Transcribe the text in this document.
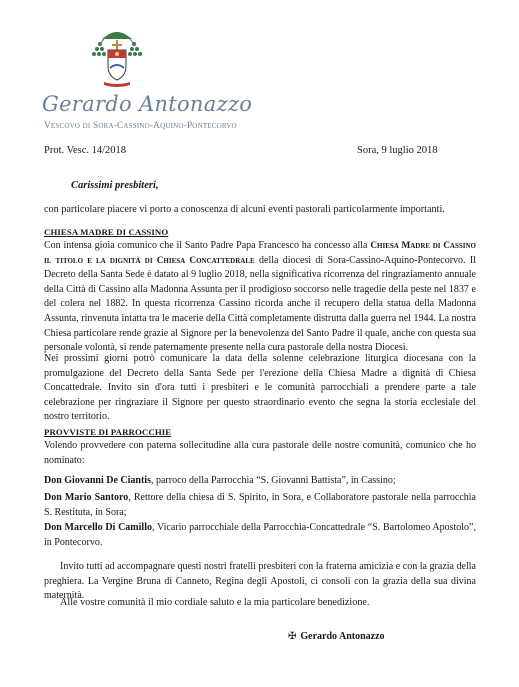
Gerardo Antonazzo
Vescovo di Sora-Cassino-Aquino-Pontecorvo
Prot. Vesc. 14/2018	Sora, 9 luglio 2018
Carissimi presbiteri,
con particolare piacere vi porto a conoscenza di alcuni eventi pastorali particolarmente importanti.
CHIESA MADRE DI CASSINO

Con intensa gioia comunico che il Santo Padre Papa Francesco ha concesso alla Chiesa Madre di Cassino il titolo e la dignità di Chiesa Concattedrale della diocesi di Sora-Cassino-Aquino-Pontecorvo. Il Decreto della Santa Sede è datato al 9 luglio 2018, nella significativa ricorrenza del ringraziamento annuale della Città di Cassino alla Madonna Assunta per il prodigioso soccorso nelle tragedie della peste nel 1837 e del colera nel 1882. In questa ricorrenza Cassino ricorda anche il recupero della statua della Madonna Assunta, rinvenuta intatta tra le macerie della Città completamente distrutta dalla guerra nel 1944. La nostra Chiesa particolare rende grazie al Signore per la benevolenza del Santo Padre il quale, anche con questa sua personale volontà, si rende paternamente presente nella cura pastorale della nostra Diocesi.

Nei prossimi giorni potrò comunicare la data della solenne celebrazione liturgica diocesana con la promulgazione del Decreto della Santa Sede per l'erezione della Chiesa Madre a dignità di Chiesa Concattedrale. Invito sin d'ora tutti i presbiteri e le comunità parrocchiali a prendere parte a tale celebrazione per ringraziare il Signore per questo straordinario evento che segna la storia ecclesiale del nostro territorio.

PROVVISTE DI PARROCCHIE

Volendo provvedere con paterna sollecitudine alla cura pastorale delle nostre comunità, comunico che ho nominato:

Don Giovanni De Ciantis, parroco della Parrocchia “S. Giovanni Battista”, in Cassino;

Don Mario Santoro, Rettore della chiesa di S. Spirito, in Sora, e Collaboratore pastorale nella parrocchia S. Restituta, in Sora;

Don Marcello Di Camillo, Vicario parrocchiale della Parrocchia-Concattedrale “S. Bartolomeo Apostolo”, in Pontecorvo.

Invito tutti ad accompagnare questi nostri fratelli presbiteri con la fraterna amicizia e con la grazia della preghiera. La Vergine Bruna di Canneto, Regina degli Apostoli, ci consoli con la grazia della sua divina maternità.

Alle vostre comunità il mio cordiale saluto e la mia particolare benedizione.
✠ Gerardo Antonazzo
